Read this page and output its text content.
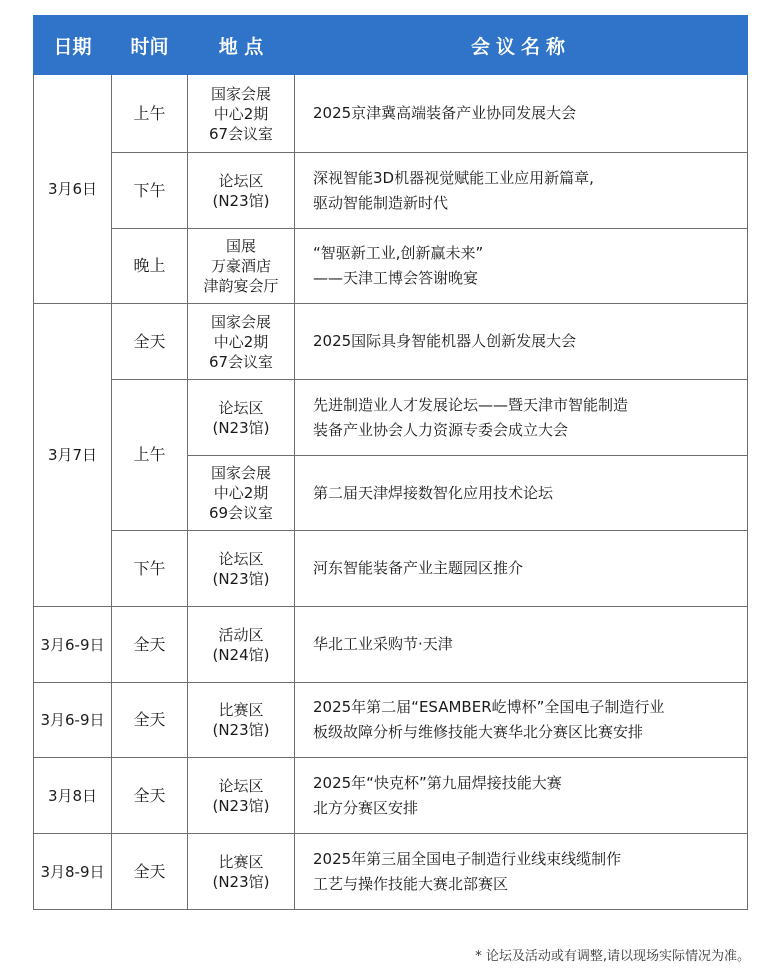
日期	时间	地 点	会议名称
3月6日	上午	国家会展
中心2期
67会议室	2025京津冀高端装备产业协同发展大会

	下午	论坛区
(N23馆)	深视智能3D机器视觉赋能工业应用新篇章,
驱动智能制造新时代

	晚上	国展
万豪酒店
津韵宴会厅	“智驱新工业,创新赢未来”
——天津工博会答谢晚宴

3月7日	全天	国家会展
中心2期
67会议室	2025国际具身智能机器人创新发展大会

	上午	论坛区
(N23馆)	先进制造业人才发展论坛——暨天津市智能制造
装备产业协会人力资源专委会成立大会

		国家会展
中心2期
69会议室	第二届天津焊接数智化应用技术论坛

	下午	论坛区
(N23馆)	河东智能装备产业主题园区推介

3月6-9日	全天	活动区
(N24馆)	华北工业采购节·天津

3月6-9日	全天	比赛区
(N23馆)	2025年第二届“ESAMBER屹博杯”全国电子制造行业
板级故障分析与维修技能大赛华北分赛区比赛安排

3月8日	全天	论坛区
(N23馆)	2025年“快克杯”第九届焊接技能大赛
北方分赛区安排

3月8-9日	全天	比赛区
(N23馆)	2025年第三届全国电子制造行业线束线缆制作
工艺与操作技能大赛北部赛区
* 论坛及活动或有调整,请以现场实际情况为准。
